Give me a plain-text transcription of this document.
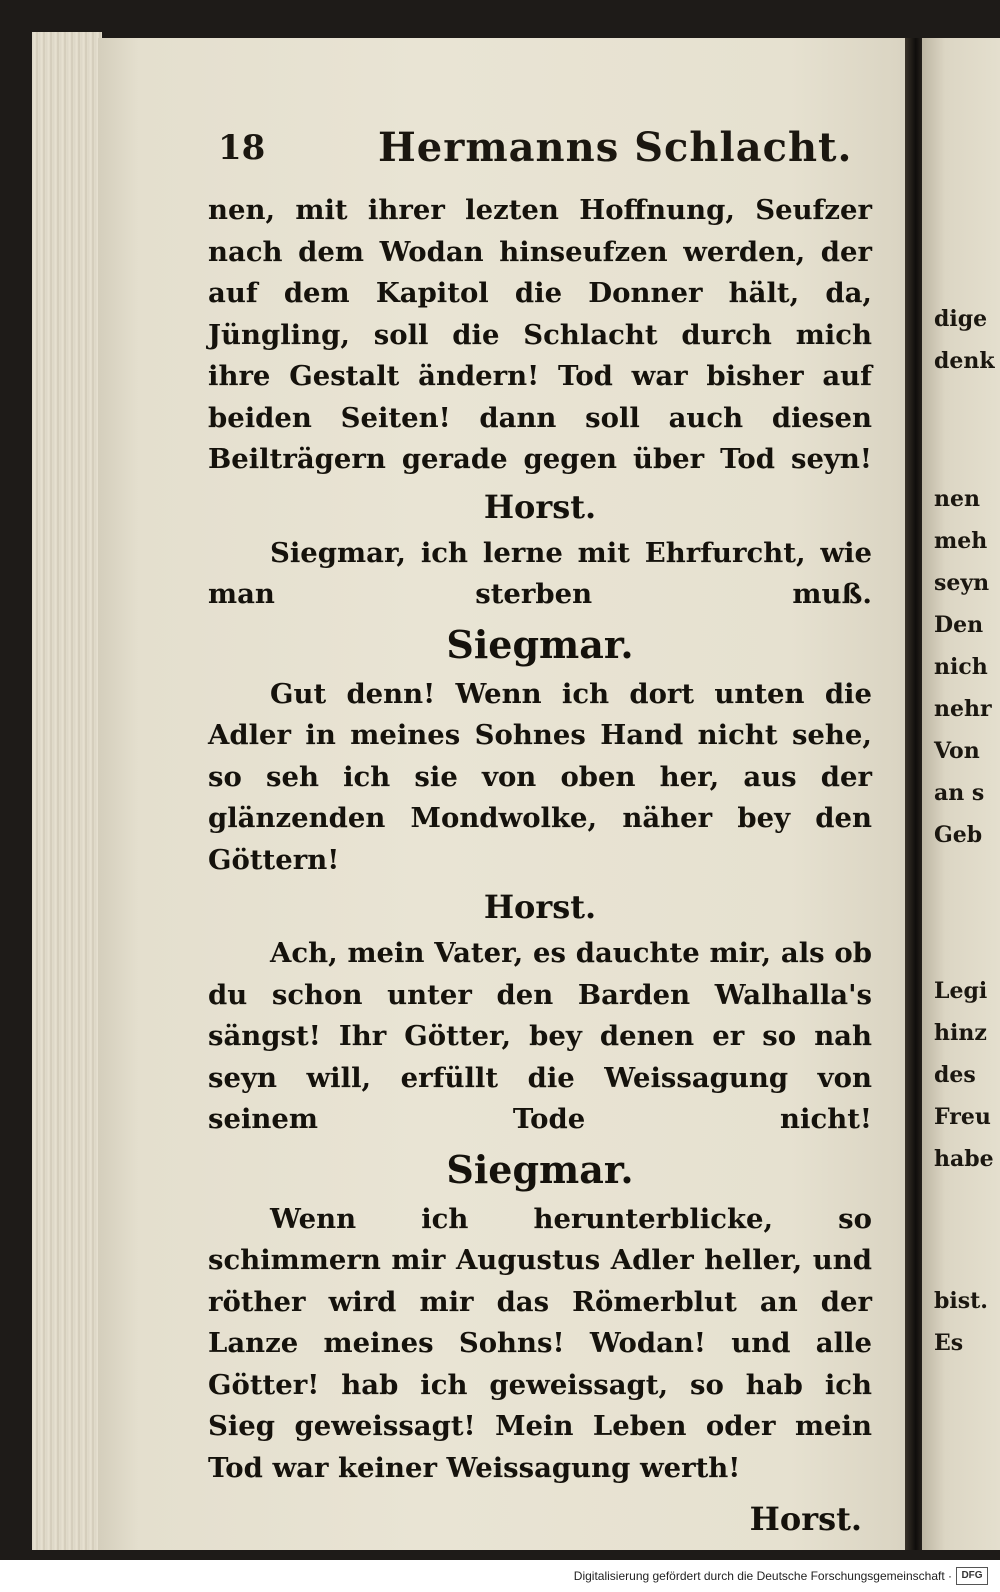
dige
denk
nen
meh
seyn
Den
nich
nehr
Von
an s
Geb
Legi
hinz
des
Freu
habe
bist.
Es
18	Hermanns Schlacht.

nen, mit ihrer lezten Hoffnung, Seufzer nach dem Wodan hinseufzen werden, der auf dem Kapitol die Donner hält, da, Jüngling, soll die Schlacht durch mich ihre Gestalt ändern! Tod war bisher auf beiden Seiten! dann soll auch diesen Beilträgern gerade gegen über Tod seyn!

Horst.

Siegmar, ich lerne mit Ehrfurcht, wie man sterben muß.

Siegmar.

Gut denn! Wenn ich dort unten die Adler in meines Sohnes Hand nicht sehe, so seh ich sie von oben her, aus der glänzenden Mondwolke, näher bey den Göttern!

Horst.

Ach, mein Vater, es dauchte mir, als ob du schon unter den Barden Walhalla's sängst! Ihr Götter, bey denen er so nah seyn will, erfüllt die Weissagung von seinem Tode nicht!

Siegmar.

Wenn ich herunterblicke, so schimmern mir Augustus Adler heller, und röther wird mir das Römerblut an der Lanze meines Sohns! Wodan! und alle Götter! hab ich geweissagt, so hab ich Sieg geweissagt! Mein Leben oder mein Tod war keiner Weissagung werth!

Horst.

Digitalisierung gefördert durch die Deutsche Forschungsgemeinschaft · DFG
